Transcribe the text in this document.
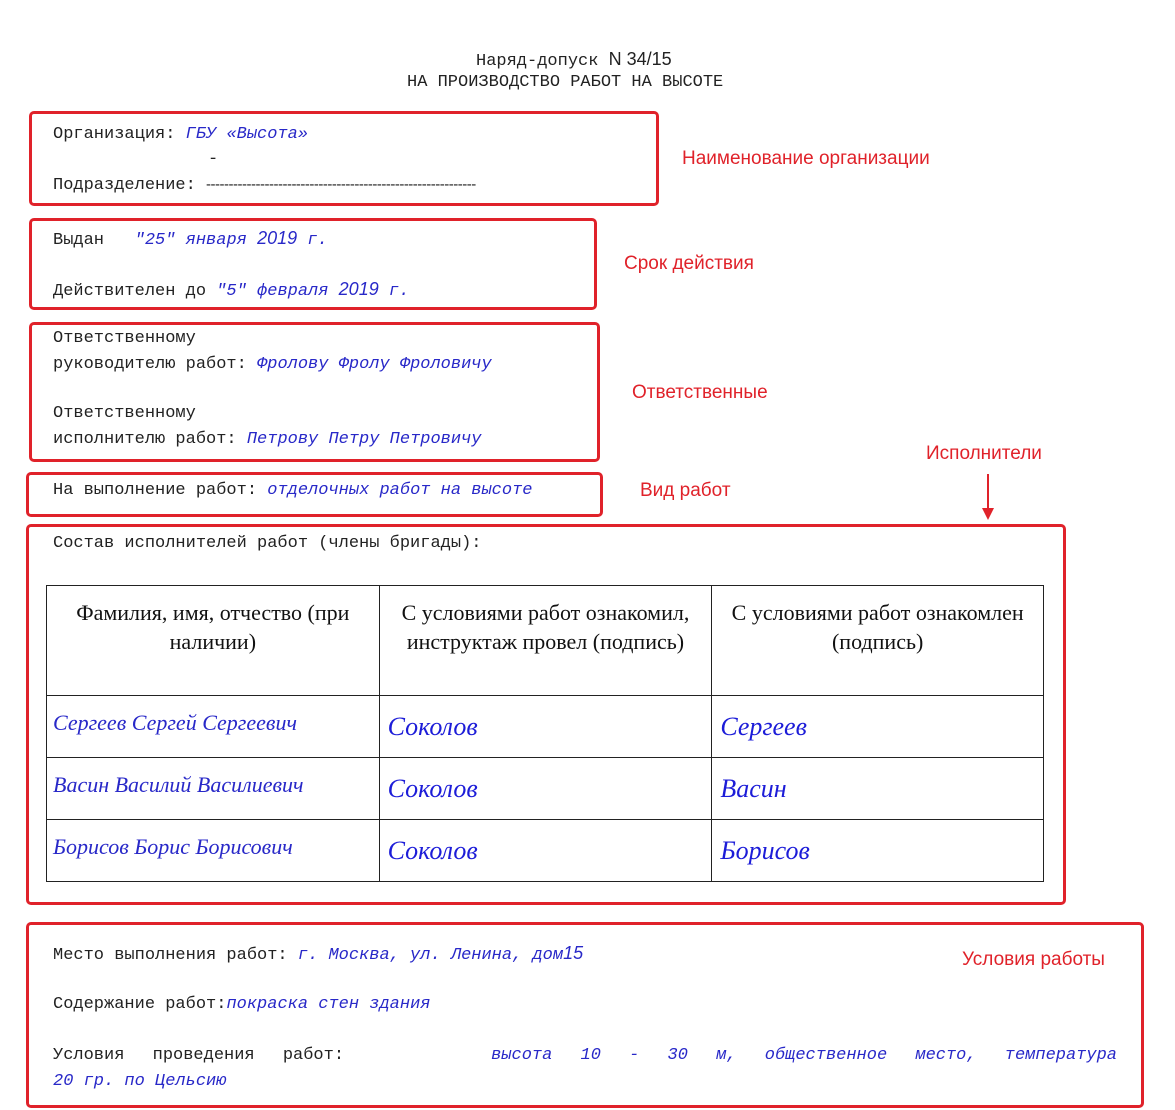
Наряд-допуск N 34/15
НА ПРОИЗВОДСТВО РАБОТ НА ВЫСОТЕ
Организация: ГБУ «Высота»
-
Подразделение: ------------------------------------------------------------
Наименование организации
Выдан "25" января 2019 г.
Действителен до "5" февраля 2019 г.
Срок действия
Ответственному
руководителю работ: Фролову Фролу Фроловичу
Ответственному
исполнителю работ: Петрову Петру Петровичу
Ответственные
На выполнение работ: отделочных работ на высоте	Вид работ
Исполнители
Состав исполнителей работ (члены бригады):
Фамилия, имя, отчество (при наличии)	С условиями работ ознакомил, инструктаж провел (подпись)	С условиями работ ознакомлен (подпись)

Сергеев Сергей Сергеевич	Соколов	Сергеев

Васин Василий Василиевич	Соколов	Васин

Борисов Борис Борисович	Соколов	Борисов
Место выполнения работ: г. Москва, ул. Ленина, дом15
Содержание работ:покраска стен здания
Условия проведения работ:	высота 10 - 30 м, общественное место, температура
20 гр. по Цельсию
Условия работы
